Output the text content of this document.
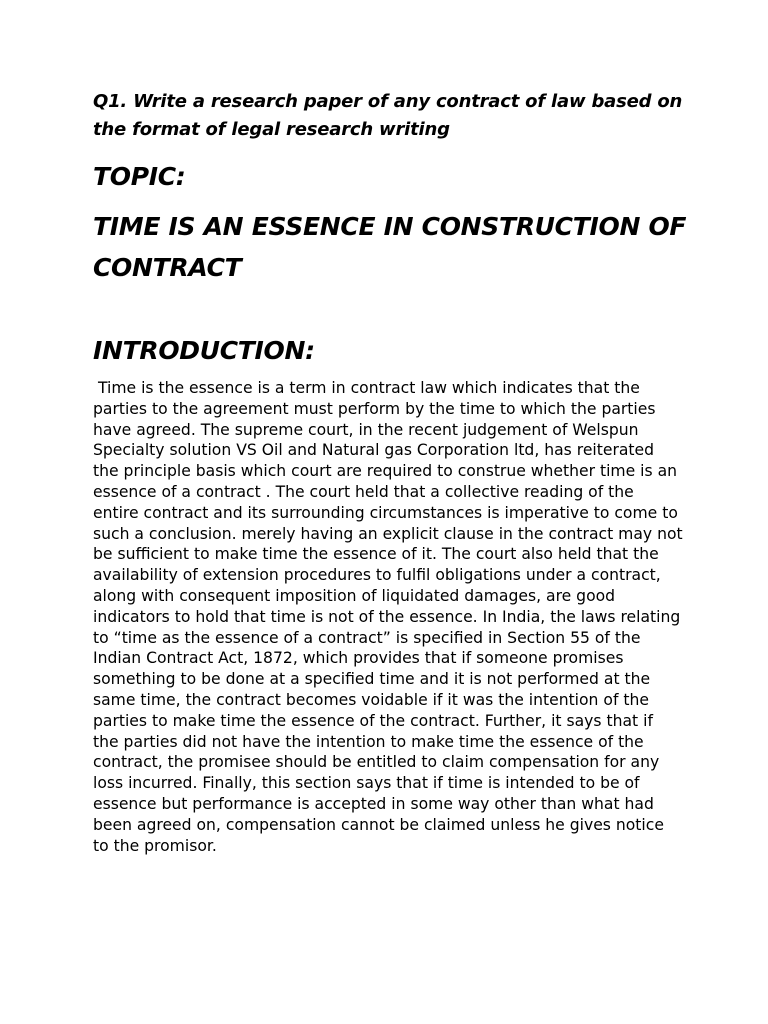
Q1. Write a research paper of any contract of law based on the format of legal research writing
TOPIC:
TIME IS AN ESSENCE IN CONSTRUCTION OF CONTRACT
INTRODUCTION:
Time is the essence is a term in contract law which indicates that the parties to the agreement must perform by the time to which the parties have agreed. The supreme court, in the recent judgement of Welspun Specialty solution VS Oil and Natural gas Corporation ltd, has reiterated the principle basis which court are required to construe whether time is an essence of a contract . The court held that a collective reading of the entire contract and its surrounding circumstances is imperative to come to such a conclusion. merely having an explicit clause in the contract may not be sufficient to make time the essence of it. The court also held that the availability of extension procedures to fulfil obligations under a contract, along with consequent imposition of liquidated damages, are good indicators to hold that time is not of the essence. In India, the laws relating to “time as the essence of a contract” is specified in Section 55 of the Indian Contract Act, 1872, which provides that if someone promises something to be done at a specified time and it is not performed at the same time, the contract becomes voidable if it was the intention of the parties to make time the essence of the contract. Further, it says that if the parties did not have the intention to make time the essence of the contract, the promisee should be entitled to claim compensation for any loss incurred. Finally, this section says that if time is intended to be of essence but performance is accepted in some way other than what had been agreed on, compensation cannot be claimed unless he gives notice to the promisor.
